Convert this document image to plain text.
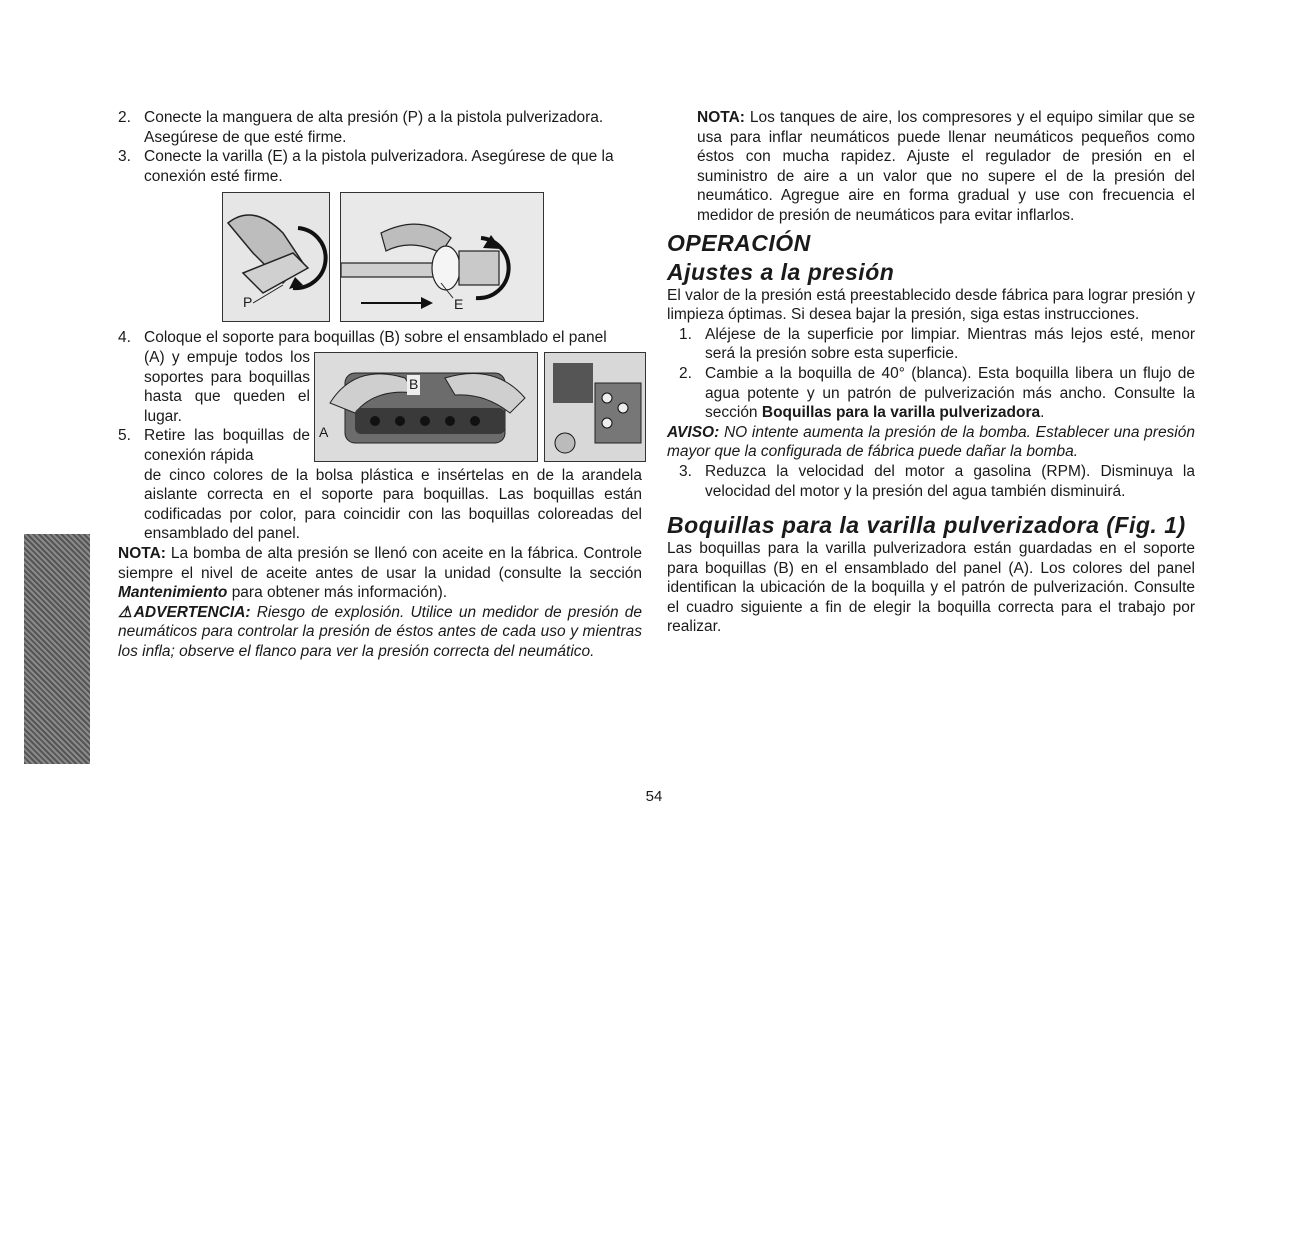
Español
2. Conecte la manguera de alta presión (P) a la pistola pulverizadora. Asegúrese de que esté firme.
3. Conecte la varilla (E) a la pistola pulverizadora. Asegúrese de que la conexión esté firme.
P	E
4. Coloque el soporte para boquillas (B) sobre el ensamblado el panel
(A) y empuje todos los soportes para boquillas hasta que queden el lugar.
5. Retire las boquillas de conexión rápida
B
A
de cinco colores de la bolsa plástica e insértelas en de la arandela aislante correcta en el soporte para boquillas. Las boquillas están codificadas por color, para coincidir con las boquillas coloreadas del ensamblado del panel.

NOTA: La bomba de alta presión se llenó con aceite en la fábrica. Controle siempre el nivel de aceite antes de usar la unidad (consulte la sección Mantenimiento para obtener más información).

⚠ADVERTENCIA: Riesgo de explosión. Utilice un medidor de presión de neumáticos para controlar la presión de éstos antes de cada uso y mientras los infla; observe el flanco para ver la presión correcta del neumático.

NOTA: Los tanques de aire, los compresores y el equipo similar que se usa para inflar neumáticos puede llenar neumáticos pequeños como éstos con mucha rapidez. Ajuste el regulador de presión en el suministro de aire a un valor que no supere el de la presión del neumático. Agregue aire en forma gradual y use con frecuencia el medidor de presión de neumáticos para evitar inflarlos.

OPERACIÓN
Ajustes a la presión

El valor de la presión está preestablecido desde fábrica para lograr presión y limpieza óptimas. Si desea bajar la presión, siga estas instrucciones.

1. Aléjese de la superficie por limpiar. Mientras más lejos esté, menor será la presión sobre esta superficie.
2. Cambie a la boquilla de 40° (blanca). Esta boquilla libera un flujo de agua potente y un patrón de pulverización más ancho. Consulte la sección Boquillas para la varilla pulverizadora.

AVISO: NO intente aumenta la presión de la bomba. Establecer una presión mayor que la configurada de fábrica puede dañar la bomba.

3. Reduzca la velocidad del motor a gasolina (RPM). Disminuya la velocidad del motor y la presión del agua también disminuirá.
Boquillas para la varilla pulverizadora (Fig. 1)

Las boquillas para la varilla pulverizadora están guardadas en el soporte para boquillas (B) en el ensamblado del panel (A). Los colores del panel identifican la ubicación de la boquilla y el patrón de pulverización. Consulte el cuadro siguiente a fin de elegir la boquilla correcta para el trabajo por realizar.

54
